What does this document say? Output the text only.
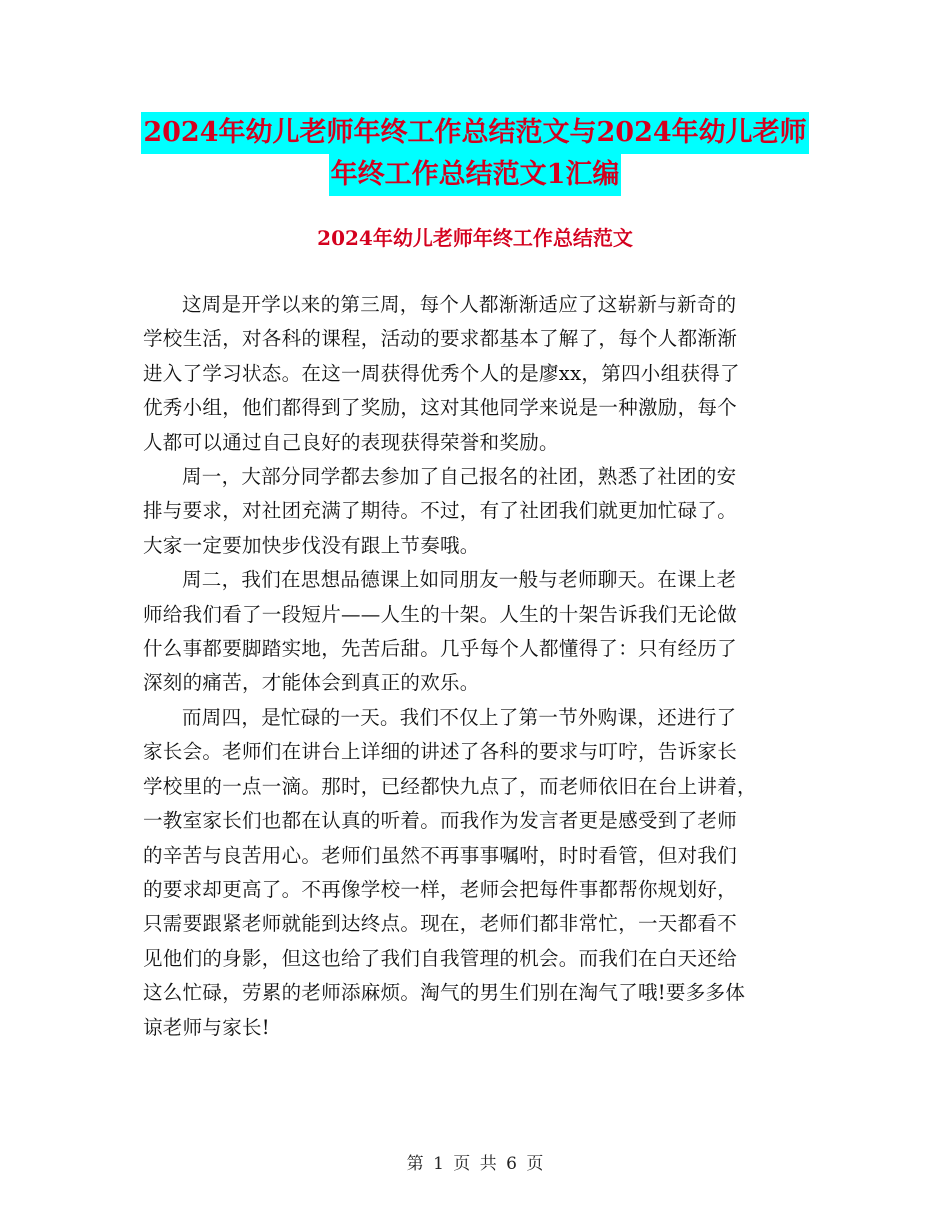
2024年幼儿老师年终工作总结范文与2024年幼儿老师
年终工作总结范文1汇编
2024年幼儿老师年终工作总结范文

这周是开学以来的第三周，每个人都渐渐适应了这崭新与新奇的
学校生活，对各科的课程，活动的要求都基本了解了，每个人都渐渐
进入了学习状态。在这一周获得优秀个人的是廖xx，第四小组获得了
优秀小组，他们都得到了奖励，这对其他同学来说是一种激励，每个
人都可以通过自己良好的表现获得荣誉和奖励。

周一，大部分同学都去参加了自己报名的社团，熟悉了社团的安
排与要求，对社团充满了期待。不过，有了社团我们就更加忙碌了。
大家一定要加快步伐没有跟上节奏哦。

周二，我们在思想品德课上如同朋友一般与老师聊天。在课上老
师给我们看了一段短片——人生的十架。人生的十架告诉我们无论做
什么事都要脚踏实地，先苦后甜。几乎每个人都懂得了：只有经历了
深刻的痛苦，才能体会到真正的欢乐。

而周四，是忙碌的一天。我们不仅上了第一节外购课，还进行了
家长会。老师们在讲台上详细的讲述了各科的要求与叮咛，告诉家长
学校里的一点一滴。那时，已经都快九点了，而老师依旧在台上讲着，
一教室家长们也都在认真的听着。而我作为发言者更是感受到了老师
的辛苦与良苦用心。老师们虽然不再事事嘱咐，时时看管，但对我们
的要求却更高了。不再像学校一样，老师会把每件事都帮你规划好，
只需要跟紧老师就能到达终点。现在，老师们都非常忙，一天都看不
见他们的身影，但这也给了我们自我管理的机会。而我们在白天还给
这么忙碌，劳累的老师添麻烦。淘气的男生们别在淘气了哦!要多多体
谅老师与家长!

第 1 页 共 6 页
